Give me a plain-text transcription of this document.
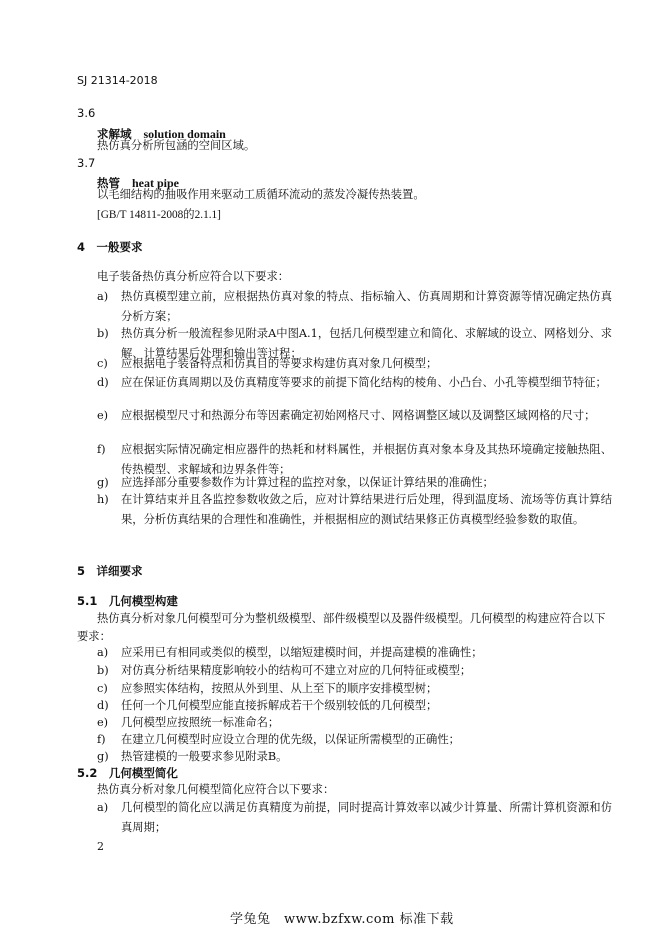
SJ 21314-2018
3.6
求解域 solution domain
热仿真分析所包涵的空间区域。
3.7
热管 heat pipe
以毛细结构的抽吸作用来驱动工质循环流动的蒸发冷凝传热装置。
[GB/T 14811-2008的2.1.1]
4　一般要求
电子装备热仿真分析应符合以下要求：
a)	热仿真模型建立前，应根据热仿真对象的特点、指标输入、仿真周期和计算资源等情况确定热仿真分析方案；
b)	热仿真分析一般流程参见附录A中图A.1，包括几何模型建立和简化、求解域的设立、网格划分、求解、计算结果后处理和输出等过程；
c)	应根据电子装备特点和仿真目的等要求构建仿真对象几何模型；
d)	应在保证仿真周期以及仿真精度等要求的前提下简化结构的棱角、小凸台、小孔等模型细节特征；
e)	应根据模型尺寸和热源分布等因素确定初始网格尺寸、网格调整区域以及调整区域网格的尺寸；
f)	应根据实际情况确定相应器件的热耗和材料属性，并根据仿真对象本身及其热环境确定接触热阻、传热模型、求解域和边界条件等；
g)	应选择部分重要参数作为计算过程的监控对象，以保证计算结果的准确性；
h)	在计算结束并且各监控参数收敛之后，应对计算结果进行后处理，得到温度场、流场等仿真计算结果，分析仿真结果的合理性和准确性，并根据相应的测试结果修正仿真模型经验参数的取值。
5　详细要求
5.1　几何模型构建
热仿真分析对象几何模型可分为整机级模型、部件级模型以及器件级模型。几何模型的构建应符合以下
要求：
a)	应采用已有相同或类似的模型，以缩短建模时间，并提高建模的准确性；
b)	对仿真分析结果精度影响较小的结构可不建立对应的几何特征或模型；
c)	应参照实体结构，按照从外到里、从上至下的顺序安排模型树；
d)	任何一个几何模型应能直接拆解成若干个级别较低的几何模型；
e)	几何模型应按照统一标准命名；
f)	在建立几何模型时应设立合理的优先级，以保证所需模型的正确性；
g)	热管建模的一般要求参见附录B。
5.2　几何模型简化
热仿真分析对象几何模型简化应符合以下要求：
a)	几何模型的简化应以满足仿真精度为前提，同时提高计算效率以减少计算量、所需计算机资源和仿真周期；
2
学兔兔　www.bzfxw.com 标准下载
